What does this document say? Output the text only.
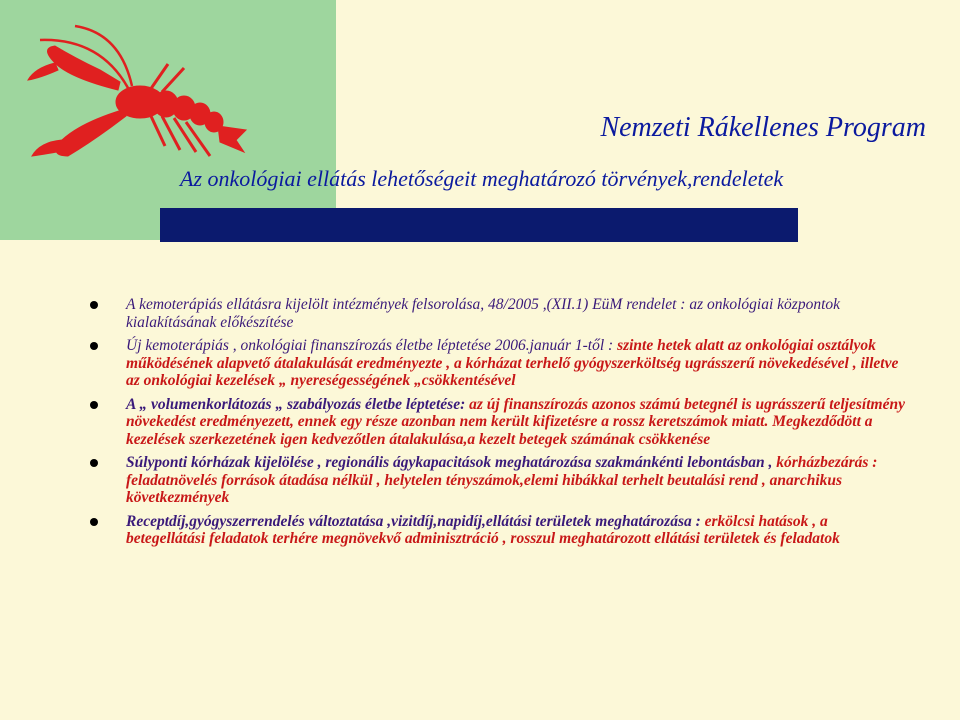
Nemzeti Rákellenes Program
Az onkológiai ellátás lehetőségeit meghatározó törvények,rendeletek
A kemoterápiás ellátásra kijelölt intézmények felsorolása, 48/2005 ,(XII.1) EüM rendelet : az onkológiai központok kialakításának előkészítése
Új kemoterápiás , onkológiai finanszírozás életbe léptetése 2006.január 1-től : szinte hetek alatt az onkológiai osztályok működésének alapvető átalakulását eredményezte , a kórházat terhelő gyógyszerköltség ugrásszerű növekedésével , illetve az onkológiai kezelések „ nyereségességének „csökkentésével
A „ volumenkorlátozás „ szabályozás életbe léptetése: az új finanszírozás azonos számú betegnél is ugrásszerű teljesítmény növekedést eredményezett, ennek egy része azonban nem került kifizetésre a rossz keretszámok miatt. Megkezdődött a kezelések szerkezetének igen kedvezőtlen átalakulása,a kezelt betegek számának csökkenése
Súlyponti kórházak kijelölése , regionális ágykapacitások meghatározása szakmánkénti lebontásban , kórházbezárás : feladatnövelés források átadása nélkül , helytelen tényszámok,elemi hibákkal terhelt beutalási rend , anarchikus következmények
Receptdíj,gyógyszerrendelés változtatása ,vizitdíj,napidíj,ellátási területek meghatározása : erkölcsi hatások , a betegellátási feladatok terhére megnövekvő adminisztráció , rosszul meghatározott ellátási területek és feladatok
